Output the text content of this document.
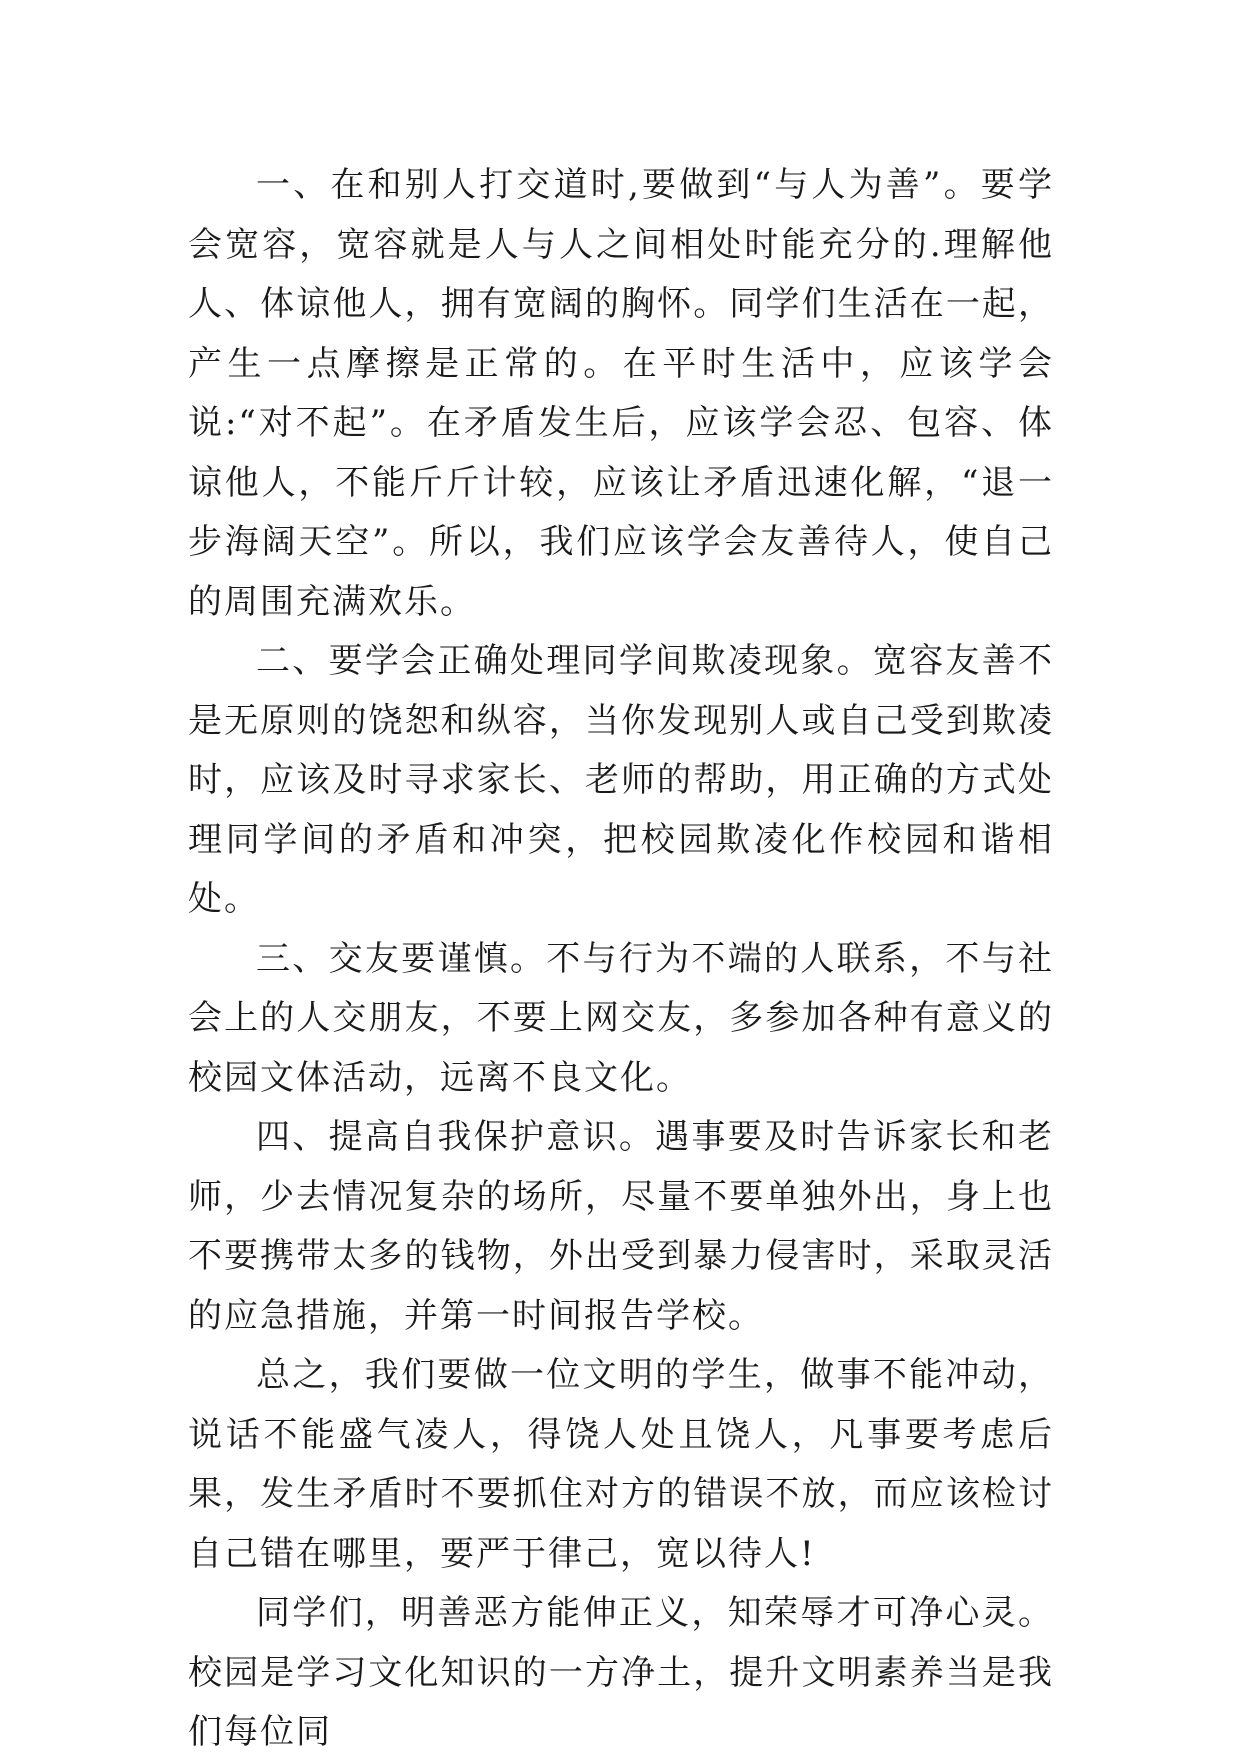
一、在和别人打交道时,要做到“与人为善”。要学会宽容，宽容就是人与人之间相处时能充分的.理解他人、体谅他人，拥有宽阔的胸怀。同学们生活在一起，产生一点摩擦是正常的。在平时生活中，应该学会说:“对不起”。在矛盾发生后，应该学会忍、包容、体谅他人，不能斤斤计较，应该让矛盾迅速化解，“退一步海阔天空”。所以，我们应该学会友善待人，使自己的周围充满欢乐。

二、要学会正确处理同学间欺凌现象。宽容友善不是无原则的饶恕和纵容，当你发现别人或自己受到欺凌时，应该及时寻求家长、老师的帮助，用正确的方式处理同学间的矛盾和冲突，把校园欺凌化作校园和谐相处。

三、交友要谨慎。不与行为不端的人联系，不与社会上的人交朋友，不要上网交友，多参加各种有意义的校园文体活动，远离不良文化。

四、提高自我保护意识。遇事要及时告诉家长和老师，少去情况复杂的场所，尽量不要单独外出，身上也不要携带太多的钱物，外出受到暴力侵害时，采取灵活的应急措施，并第一时间报告学校。

总之，我们要做一位文明的学生，做事不能冲动，说话不能盛气凌人，得饶人处且饶人，凡事要考虑后果，发生矛盾时不要抓住对方的错误不放，而应该检讨自己错在哪里，要严于律己，宽以待人!

同学们，明善恶方能伸正义，知荣辱才可净心灵。校园是学习文化知识的一方净土，提升文明素养当是我们每位同
